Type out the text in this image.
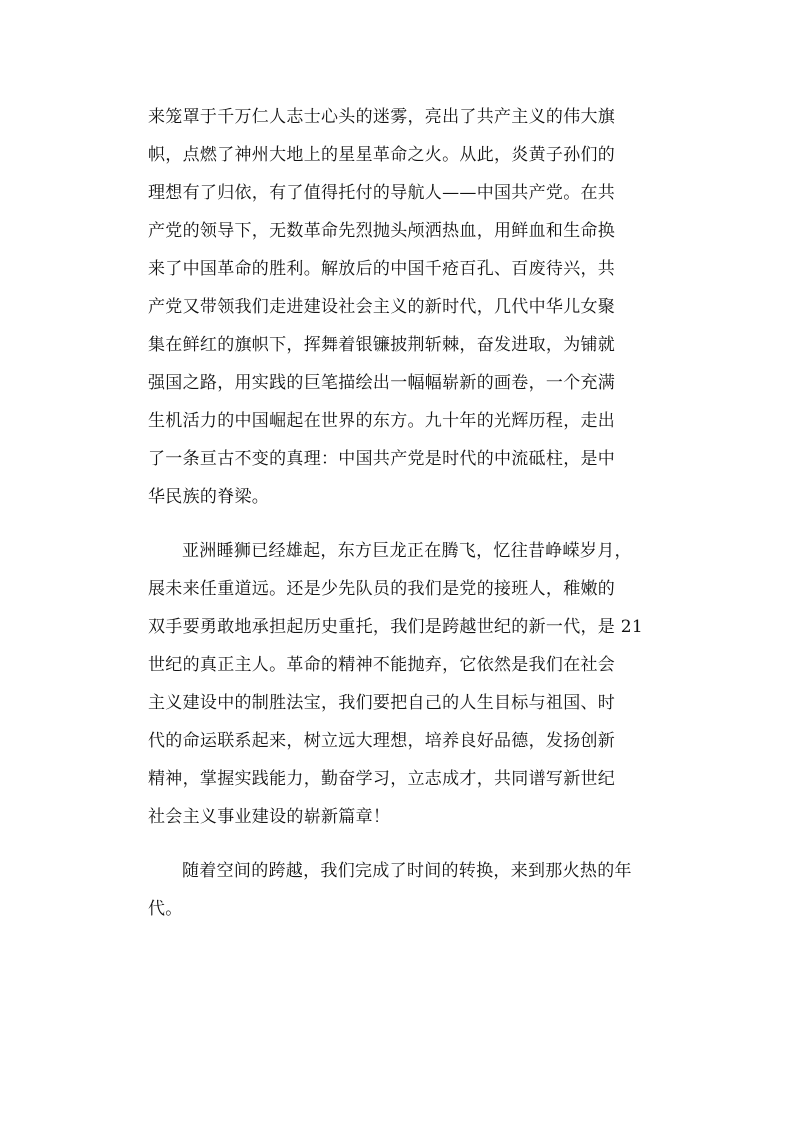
来笼罩于千万仁人志士心头的迷雾，亮出了共产主义的伟大旗
帜，点燃了神州大地上的星星革命之火。从此，炎黄子孙们的
理想有了归依，有了值得托付的导航人——中国共产党。在共
产党的领导下，无数革命先烈抛头颅洒热血，用鲜血和生命换
来了中国革命的胜利。解放后的中国千疮百孔、百废待兴，共
产党又带领我们走进建设社会主义的新时代，几代中华儿女聚
集在鲜红的旗帜下，挥舞着银镰披荆斩棘，奋发进取，为铺就
强国之路，用实践的巨笔描绘出一幅幅崭新的画卷，一个充满
生机活力的中国崛起在世界的东方。九十年的光辉历程，走出
了一条亘古不变的真理：中国共产党是时代的中流砥柱，是中
华民族的脊梁。
亚洲睡狮已经雄起，东方巨龙正在腾飞，忆往昔峥嵘岁月，
展未来任重道远。还是少先队员的我们是党的接班人，稚嫩的
双手要勇敢地承担起历史重托，我们是跨越世纪的新一代，是 21
世纪的真正主人。革命的精神不能抛弃，它依然是我们在社会
主义建设中的制胜法宝，我们要把自己的人生目标与祖国、时
代的命运联系起来，树立远大理想，培养良好品德，发扬创新
精神，掌握实践能力，勤奋学习，立志成才，共同谱写新世纪
社会主义事业建设的崭新篇章！
随着空间的跨越，我们完成了时间的转换，来到那火热的年
代。
